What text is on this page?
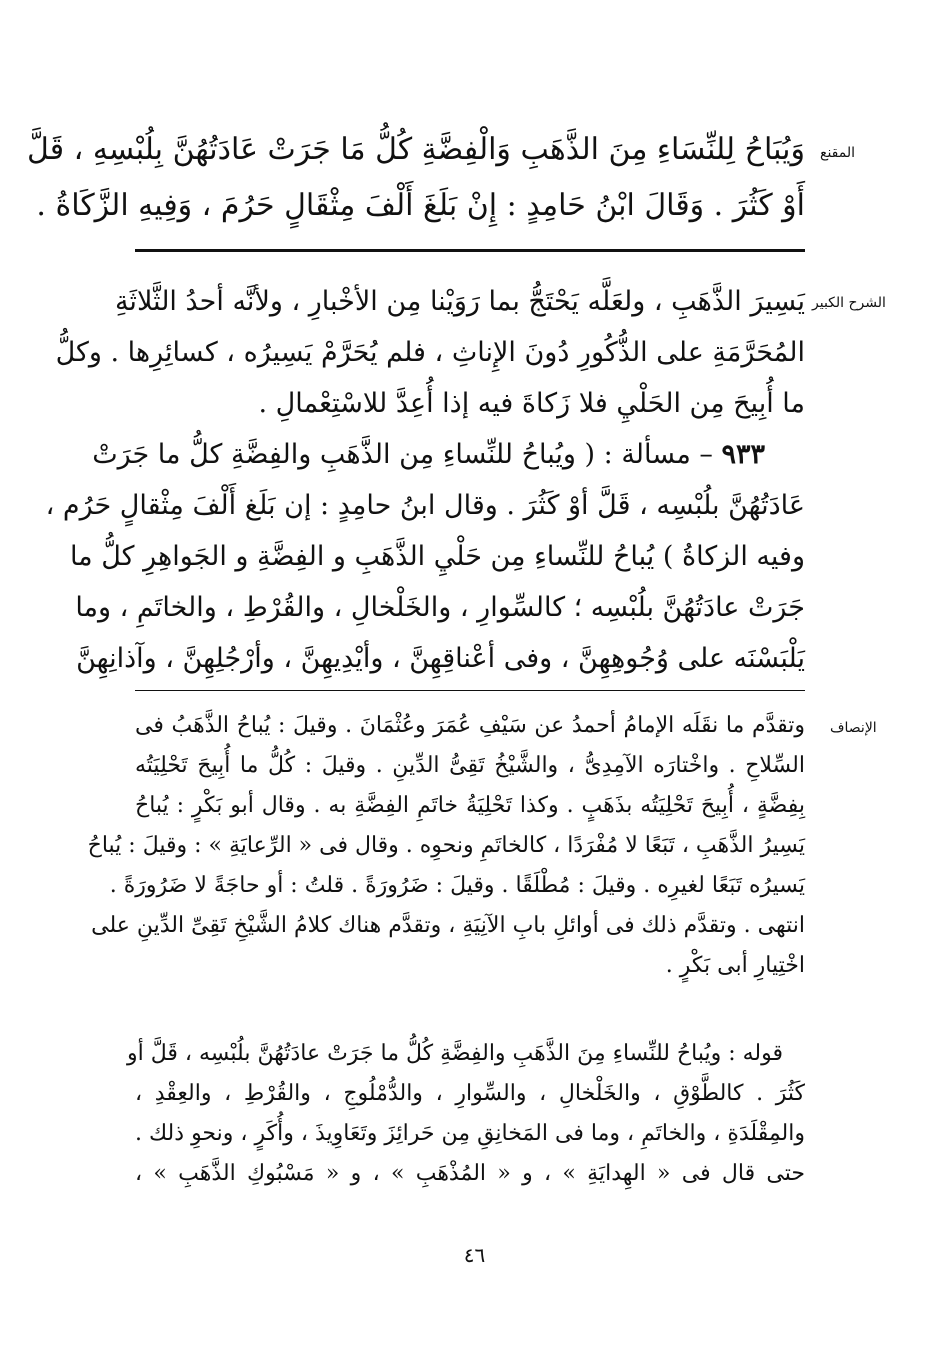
المقنع
وَيُبَاحُ لِلنِّسَاءِ مِنَ الذَّهَبِ وَالْفِضَّةِ كُلُّ مَا جَرَتْ عَادَتُهُنَّ بِلُبْسِهِ ، قَلَّ
أَوْ كَثُرَ . وَقَالَ ابْنُ حَامِدٍ : إِنْ بَلَغَ أَلْفَ مِثْقَالٍ حَرُمَ ، وَفِيهِ الزَّكَاةُ .
الشرح الكبير
يَسِيرَ الذَّهَبِ ، ولعَلَّه يَحْتَجُّ بما رَوَيْنا مِن الأخْبارِ ، ولأنَّه أحدُ الثَّلاثَةِ
المُحَرَّمَةِ على الذُّكُورِ دُونَ الإِناثِ ، فلم يُحَرَّمْ يَسِيرُه ، كسائِرِها . وكلُّ
ما أُبِيحَ مِن الحَلْيِ فلا زَكاةَ فيه إذا أُعِدَّ للاسْتِعْمالِ .
٩٣٣ – مسألة : ( ويُباحُ للنِّساءِ مِن الذَّهَبِ والفِضَّةِ كلُّ ما جَرَتْ
عَادَتُهُنَّ بلُبْسِه ، قَلَّ أوْ كَثُرَ . وقال ابنُ حامِدٍ : إن بَلَغ أَلْفَ مِثْقالٍ حَرُم ،
وفيه الزكاةُ ) يُباحُ للنِّساءِ مِن حَلْيِ الذَّهَبِ و الفِضَّةِ و الجَواهِرِ كلُّ ما
جَرَتْ عادَتُهُنَّ بلُبْسِه ؛ كالسِّوارِ ، والخَلْخالِ ، والقُرْطِ ، والخاتَمِ ، وما
يَلْبَسْنَه على وُجُوهِهِنَّ ، وفى أعْناقِهِنَّ ، وأيْدِيهِنَّ ، وأرْجُلِهِنَّ ، وآذانِهِنَّ
الإنصاف
وتقدَّم ما نقَلَه الإمامُ أحمدُ عن سَيْفِ عُمَرَ وعُثْمَانَ . وقيلَ : يُباحُ الذَّهَبُ فى
السِّلاحِ . واخْتارَه الآمِدِىُّ ، والشَّيْخُ تَقِىُّ الدِّينِ . وقيلَ : كُلُّ ما أُبِيحَ تَحْلِيَتُه
بِفِضَّةٍ ، أُبِيحَ تَحْلِيَتُه بذَهَبٍ . وكذا تَحْلِيَةُ خاتَمِ الفِضَّةِ به . وقال أبو بَكْرٍ : يُباحُ
يَسِيرُ الذَّهَبِ ، تَبَعًا لا مُفْرَدًا ، كالخاتَمِ ونحوِه . وقال فى « الرِّعايَةِ » : وقيلَ : يُباحُ
يَسيرُه تَبَعًا لغيرِه . وقيلَ : مُطْلَقًا . وقيلَ : ضَرُورَةً . قلتُ : أو حاجَةً لا ضَرُورَةً .
انتهى . وتقدَّم ذلك فى أوائلِ بابِ الآنِيَةِ ، وتقدَّم هناك كلامُ الشَّيْخِ تَقِىِّ الدِّينِ على
اخْتِيارِ أبى بَكْرٍ .
قوله : ويُباحُ للنِّساءِ مِنَ الذَّهَبِ والفِضَّةِ كُلُّ ما جَرَتْ عادَتُهُنَّ بلُبْسِه ، قَلَّ أو
كَثُرَ . كالطَّوْقِ ، والخَلْخالِ ، والسِّوارِ ، والدُّمْلُوجِ ، والقُرْطِ ، والعِقْدِ ،
والمِقْلَدَةِ ، والخاتَمِ ، وما فى المَخانِقِ مِن حَرائِزَ وتَعَاوِيذَ ، وأُكَرٍ ، ونحوِ ذلك .
حتى قال فى « الهِدايَةِ » ، و « المُذْهَبِ » ، و « مَسْبُوكِ الذَّهَبِ » ،
٤٦
